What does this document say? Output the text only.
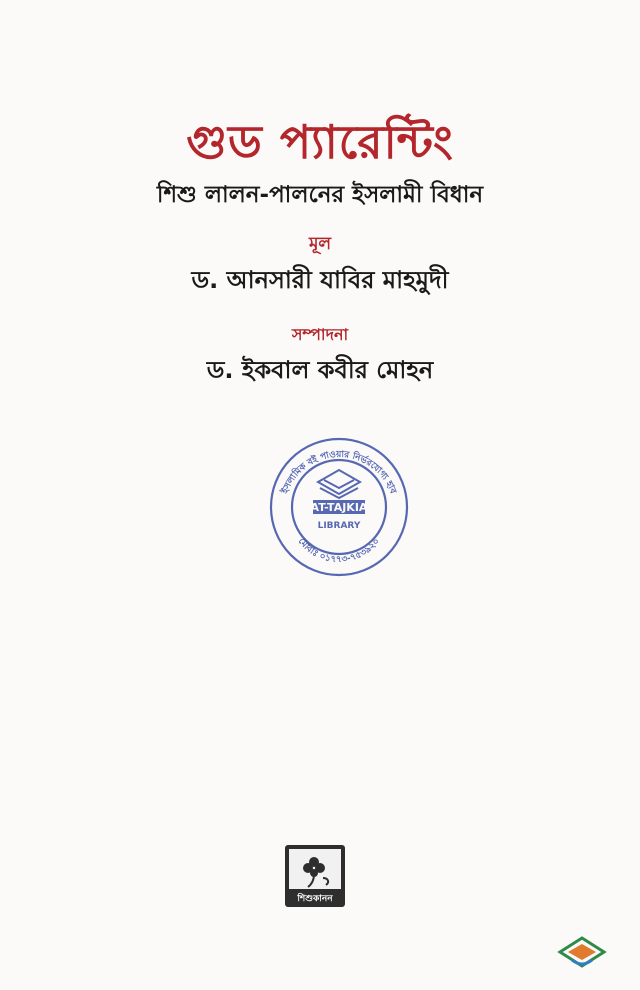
গুড প্যারেন্টিং
শিশু লালন-পালনের ইসলামী বিধান
মূল
ড. আনসারী যাবির মাহমুদী
সম্পাদনা
ড. ইকবাল কবীর মোহন
ইসলামিক বই পাওয়ার নির্ভরযোগ্য হাব
মোবাঃ ০১৭৭৩-৭৫৩৯২০
AT-TAJKIA
LIBRARY
শিশুকানন
